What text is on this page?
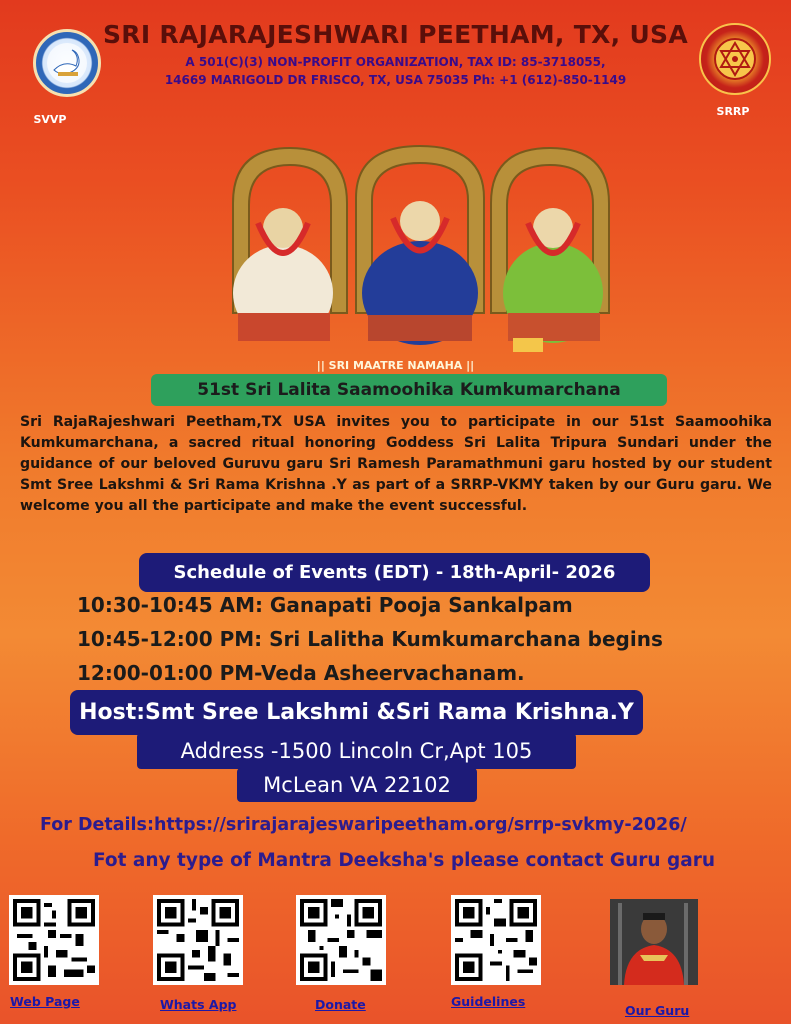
SVVP
SRRP
SRI RAJARAJESHWARI PEETHAM, TX, USA
A 501(C)(3) NON-PROFIT ORGANIZATION, TAX ID: 85-3718055,
14669 MARIGOLD DR FRISCO, TX, USA 75035 Ph: +1 (612)-850-1149
|| SRI MAATRE NAMAHA ||
51st Sri Lalita Saamoohika Kumkumarchana
Sri RajaRajeshwari Peetham,TX USA invites you to participate in our 51st Saamoohika Kumkumarchana, a sacred ritual honoring Goddess Sri Lalita Tripura Sundari under the guidance of our beloved Guruvu garu Sri Ramesh Paramathmuni garu hosted by our student Smt Sree Lakshmi & Sri Rama Krishna .Y as part of a SRRP-VKMY taken by our Guru garu. We welcome you all the participate and make the event successful.
Schedule of Events (EDT) - 18th-April- 2026
10:30-10:45 AM: Ganapati Pooja Sankalpam
10:45-12:00 PM: Sri Lalitha Kumkumarchana begins
12:00-01:00 PM-Veda Asheervachanam.
Host:Smt Sree Lakshmi &Sri Rama Krishna.Y
Address -1500 Lincoln Cr,Apt 105
McLean VA 22102
For Details:https://srirajarajeswaripeetham.org/srrp-svkmy-2026/
Fot any type of Mantra Deeksha's please contact Guru garu
Web Page	Whats App	Donate	Guidelines
Our Guru
